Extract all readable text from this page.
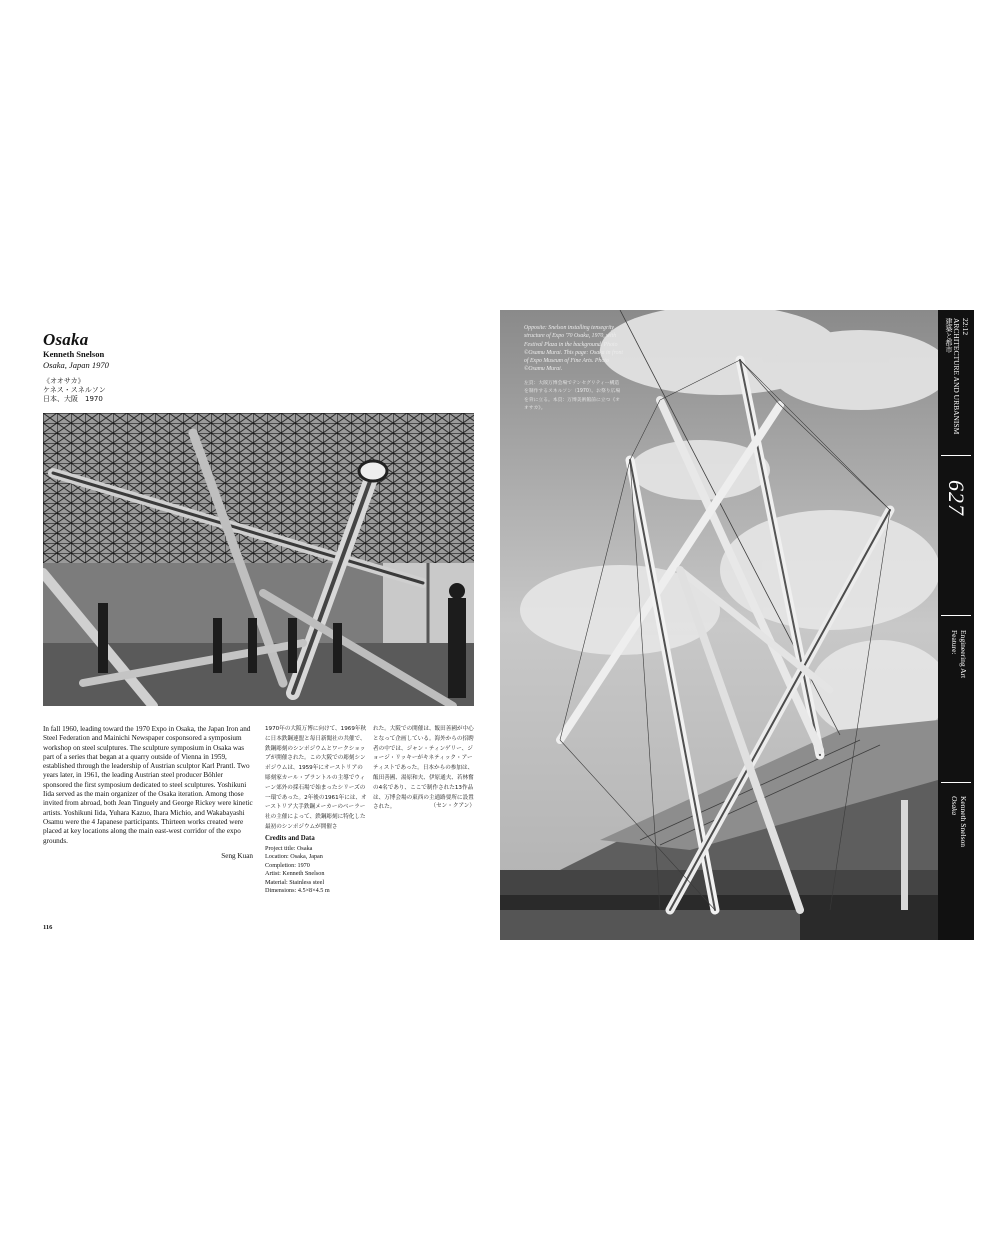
Osaka
Kenneth Snelson
Osaka, Japan 1970
《オオサカ》
ケネス・スネルソン
日本、大阪　1970
In fall 1960, leading toward the 1970 Expo in Osaka, the Japan Iron and Steel Federation and Mainichi Newspaper cosponsored a symposium workshop on steel sculptures. The sculpture symposium in Osaka was part of a series that began at a quarry outside of Vienna in 1959, established through the leadership of Austrian sculptor Karl Prantl. Two years later, in 1961, the leading Austrian steel producer Böhler sponsored the first symposium dedicated to steel sculptures. Yoshikuni Iida served as the main organizer of the Osaka iteration. Among those invited from abroad, both Jean Tinguely and George Rickey were kinetic artists. Yoshikuni Iida, Yuhara Kazuo, Ihara Michio, and Wakabayashi Osamu were the 4 Japanese participants. Thirteen works created were placed at key locations along the main east-west corridor of the expo grounds.
Seng Kuan
1970年の大阪万博に向けて、1969年秋に日本鉄鋼連盟と毎日新聞社の共催で、鉄鋼彫刻のシンポジウムとワークショップが開催された。この大阪での彫刻シンポジウムは、1959年にオーストリアの彫刻家カール・プラントルの主導でウィーン郊外の採石場で始まったシリーズの一環であった。2年後の1961年には、オーストリア大手鉄鋼メーカーのベーラー社の主催によって、鉄鋼彫刻に特化した最初のシンポジウムが開催さ
れた。大阪での開催は、飯田善國が中心となって企画している。海外からの招聘者の中では、ジャン・ティンゲリー、ジョージ・リッキーがキネティック・アーティストであった。日本からの参加は、飯田善國、湯原和夫、伊原通夫、若林奮の4名であり、ここで制作された13作品は、万博会場の東西の主通路要所に設置された。	（セン・クアン）
Credits and Data
Project title: Osaka
Location: Osaka, Japan
Completion: 1970
Artist: Kenneth Snelson
Material: Stainless steel
Dimensions: 4.5×8×4.5 m
116
Opposite: Snelson installing tensegrity structure of Expo '70 Osaka, 1970, with Festival Plaza in the background. Photo ©Osamu Murai. This page: Osaka in front of Expo Museum of Fine Arts. Photo ©Osamu Murai.
左頁：大阪万博会場でテンセグリティー構造を制作するスネルソン（1970）。お祭り広場を背に立る。本頁：万博美術館前に立つ《オオサカ》。
建築と都市 ARCHITECTURE AND URBANISM 22:12
627
Feature: Engineering Art
Osaka Kenneth Snelson
